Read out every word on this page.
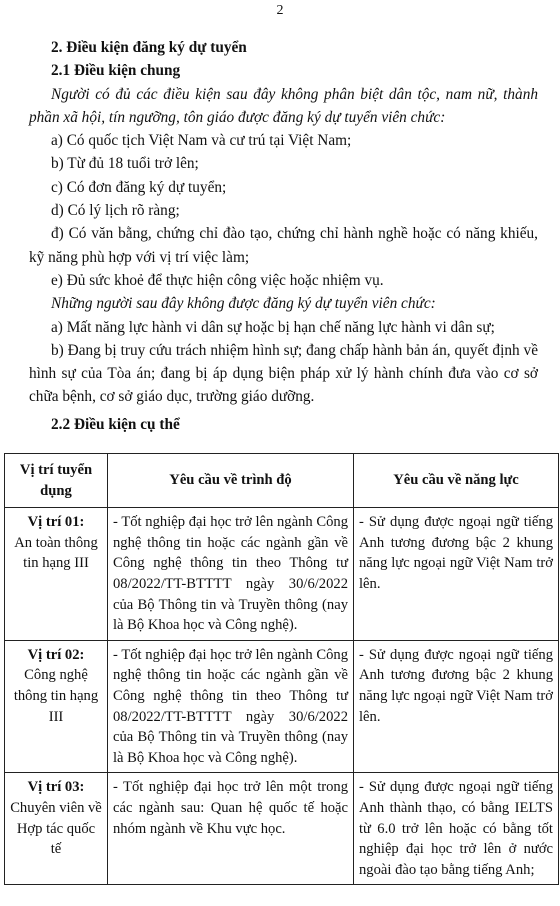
2

2. Điều kiện đăng ký dự tuyển

2.1 Điều kiện chung

Người có đủ các điều kiện sau đây không phân biệt dân tộc, nam nữ, thành phần xã hội, tín ngưỡng, tôn giáo được đăng ký dự tuyển viên chức:

a) Có quốc tịch Việt Nam và cư trú tại Việt Nam;

b) Từ đủ 18 tuổi trở lên;

c) Có đơn đăng ký dự tuyển;

d) Có lý lịch rõ ràng;

đ) Có văn bằng, chứng chỉ đào tạo, chứng chỉ hành nghề hoặc có năng khiếu, kỹ năng phù hợp với vị trí việc làm;

e) Đủ sức khoẻ để thực hiện công việc hoặc nhiệm vụ.

Những người sau đây không được đăng ký dự tuyển viên chức:

a) Mất năng lực hành vi dân sự hoặc bị hạn chế năng lực hành vi dân sự;

b) Đang bị truy cứu trách nhiệm hình sự; đang chấp hành bản án, quyết định về hình sự của Tòa án; đang bị áp dụng biện pháp xử lý hành chính đưa vào cơ sở chữa bệnh, cơ sở giáo dục, trường giáo dưỡng.

2.2 Điều kiện cụ thể

Vị trí tuyển dụng	Yêu cầu về trình độ	Yêu cầu về năng lực

Vị trí 01:
An toàn thông tin hạng III	- Tốt nghiệp đại học trở lên ngành Công nghệ thông tin hoặc các ngành gần về Công nghệ thông tin theo Thông tư 08/2022/TT-BTTTT ngày 30/6/2022 của Bộ Thông tin và Truyền thông (nay là Bộ Khoa học và Công nghệ).	- Sử dụng được ngoại ngữ tiếng Anh tương đương bậc 2 khung năng lực ngoại ngữ Việt Nam trở lên.

Vị trí 02:
Công nghệ thông tin hạng III	- Tốt nghiệp đại học trở lên ngành Công nghệ thông tin hoặc các ngành gần về Công nghệ thông tin theo Thông tư 08/2022/TT-BTTTT ngày 30/6/2022 của Bộ Thông tin và Truyền thông (nay là Bộ Khoa học và Công nghệ).	- Sử dụng được ngoại ngữ tiếng Anh tương đương bậc 2 khung năng lực ngoại ngữ Việt Nam trở lên.

Vị trí 03:
Chuyên viên về Hợp tác quốc tế	- Tốt nghiệp đại học trở lên một trong các ngành sau: Quan hệ quốc tế hoặc nhóm ngành về Khu vực học.	- Sử dụng được ngoại ngữ tiếng Anh thành thạo, có bằng IELTS từ 6.0 trở lên hoặc có bằng tốt nghiệp đại học trở lên ở nước ngoài đào tạo bằng tiếng Anh;
